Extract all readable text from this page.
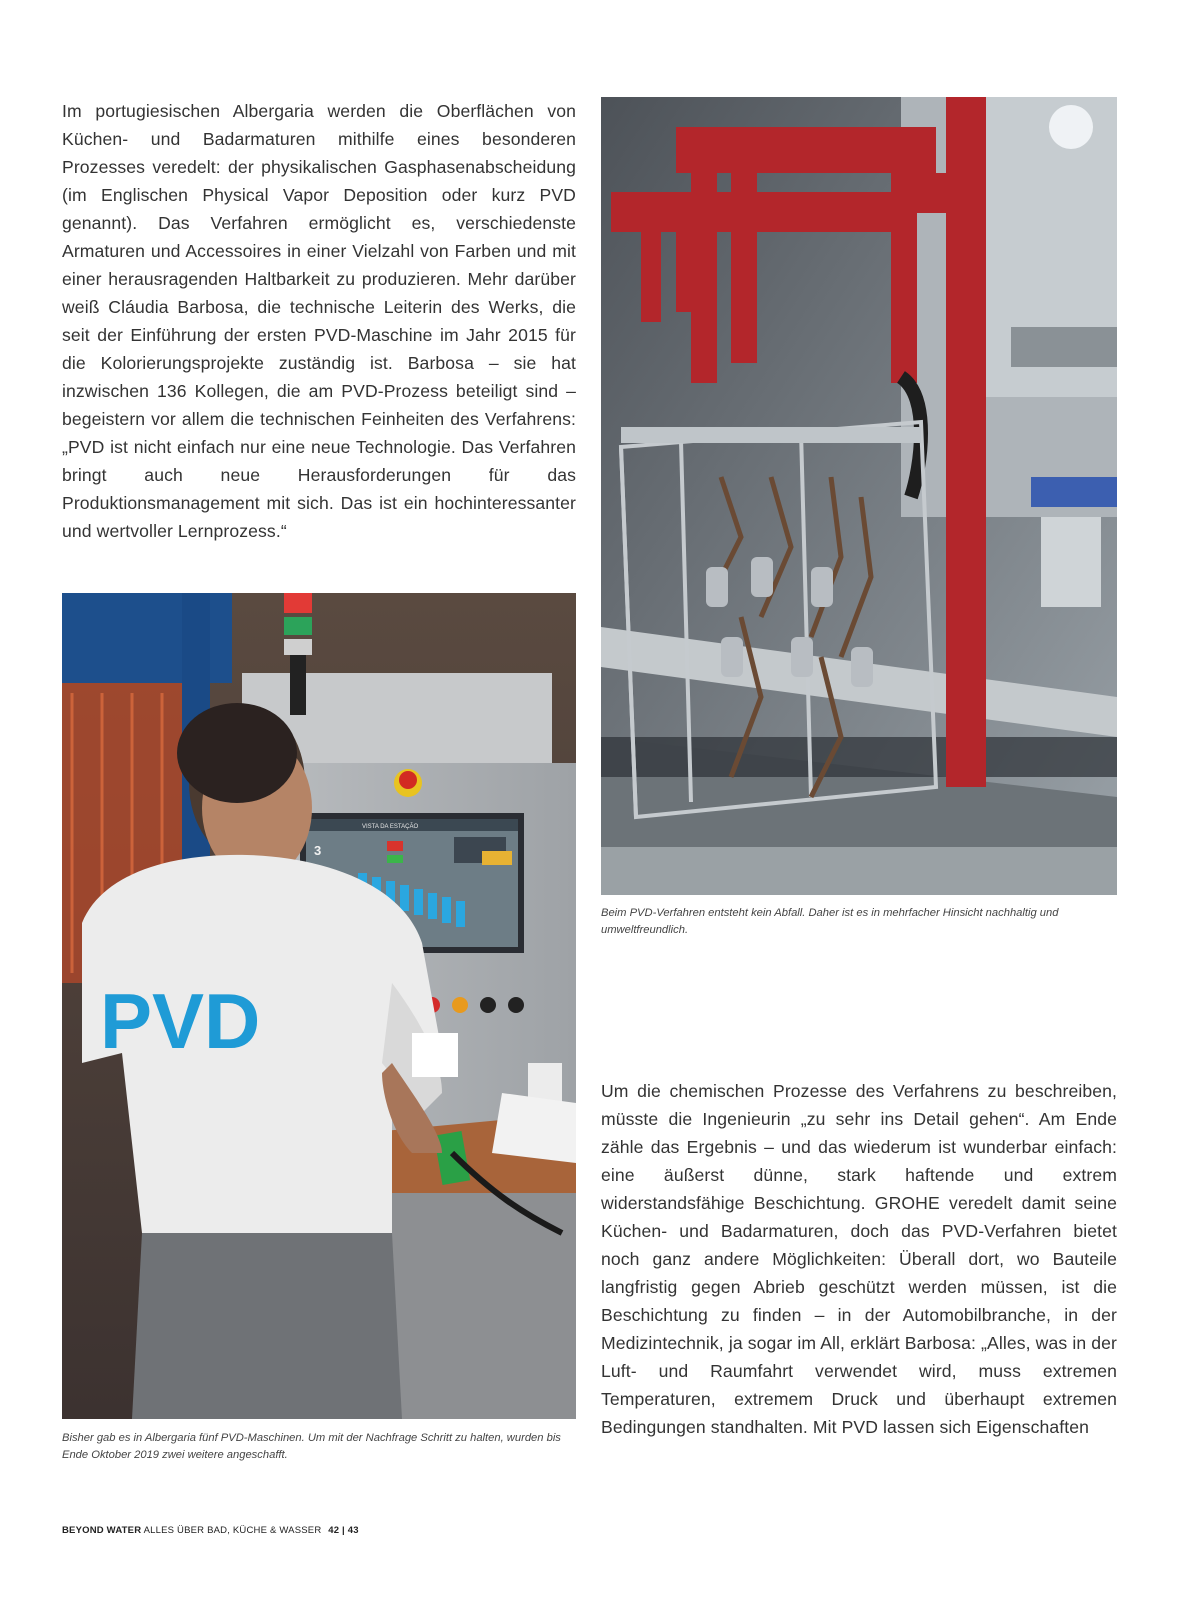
Im portugiesischen Albergaria werden die Oberflächen von Küchen- und Badarmaturen mithilfe eines besonderen Prozesses veredelt: der physikalischen Gasphasenabscheidung (im Englischen Physical Vapor Deposition oder kurz PVD genannt). Das Verfahren ermöglicht es, verschiedenste Armaturen und Accessoires in einer Vielzahl von Farben und mit einer herausragenden Haltbarkeit zu produzieren. Mehr darüber weiß Cláudia Barbosa, die technische Leiterin des Werks, die seit der Einführung der ersten PVD-Maschine im Jahr 2015 für die Kolorierungsprojekte zuständig ist. Barbosa – sie hat inzwischen 136 Kollegen, die am PVD-Prozess beteiligt sind – begeistern vor allem die technischen Feinheiten des Verfahrens: „PVD ist nicht einfach nur eine neue Technologie. Das Verfahren bringt auch neue Herausforderungen für das Produktionsmanagement mit sich. Das ist ein hochinteressanter und wertvoller Lernprozess.“
VISTA DA ESTAÇÃO
3
PVD
Bisher gab es in Albergaria fünf PVD-Maschinen. Um mit der Nachfrage Schritt zu halten, wurden bis Ende Oktober 2019 zwei weitere angeschafft.
Beim PVD-Verfahren entsteht kein Abfall. Daher ist es in mehrfacher Hinsicht nachhaltig und umweltfreundlich.
Um die chemischen Prozesse des Verfahrens zu beschreiben, müsste die Ingenieurin „zu sehr ins Detail gehen“. Am Ende zähle das Ergebnis – und das wiederum ist wunderbar einfach: eine äußerst dünne, stark haftende und extrem widerstandsfähige Beschichtung. GROHE veredelt damit seine Küchen- und Badarmaturen, doch das PVD-Verfahren bietet noch ganz andere Möglichkeiten: Überall dort, wo Bauteile langfristig gegen Abrieb geschützt werden müssen, ist die Beschichtung zu finden – in der Automobilbranche, in der Medizintechnik, ja sogar im All, erklärt Barbosa: „Alles, was in der Luft- und Raumfahrt verwendet wird, muss extremen Temperaturen, extremem Druck und überhaupt extremen Bedingungen standhalten. Mit PVD lassen sich Eigenschaften
BEYOND WATER ALLES ÜBER BAD, KÜCHE & WASSER 42 | 43
